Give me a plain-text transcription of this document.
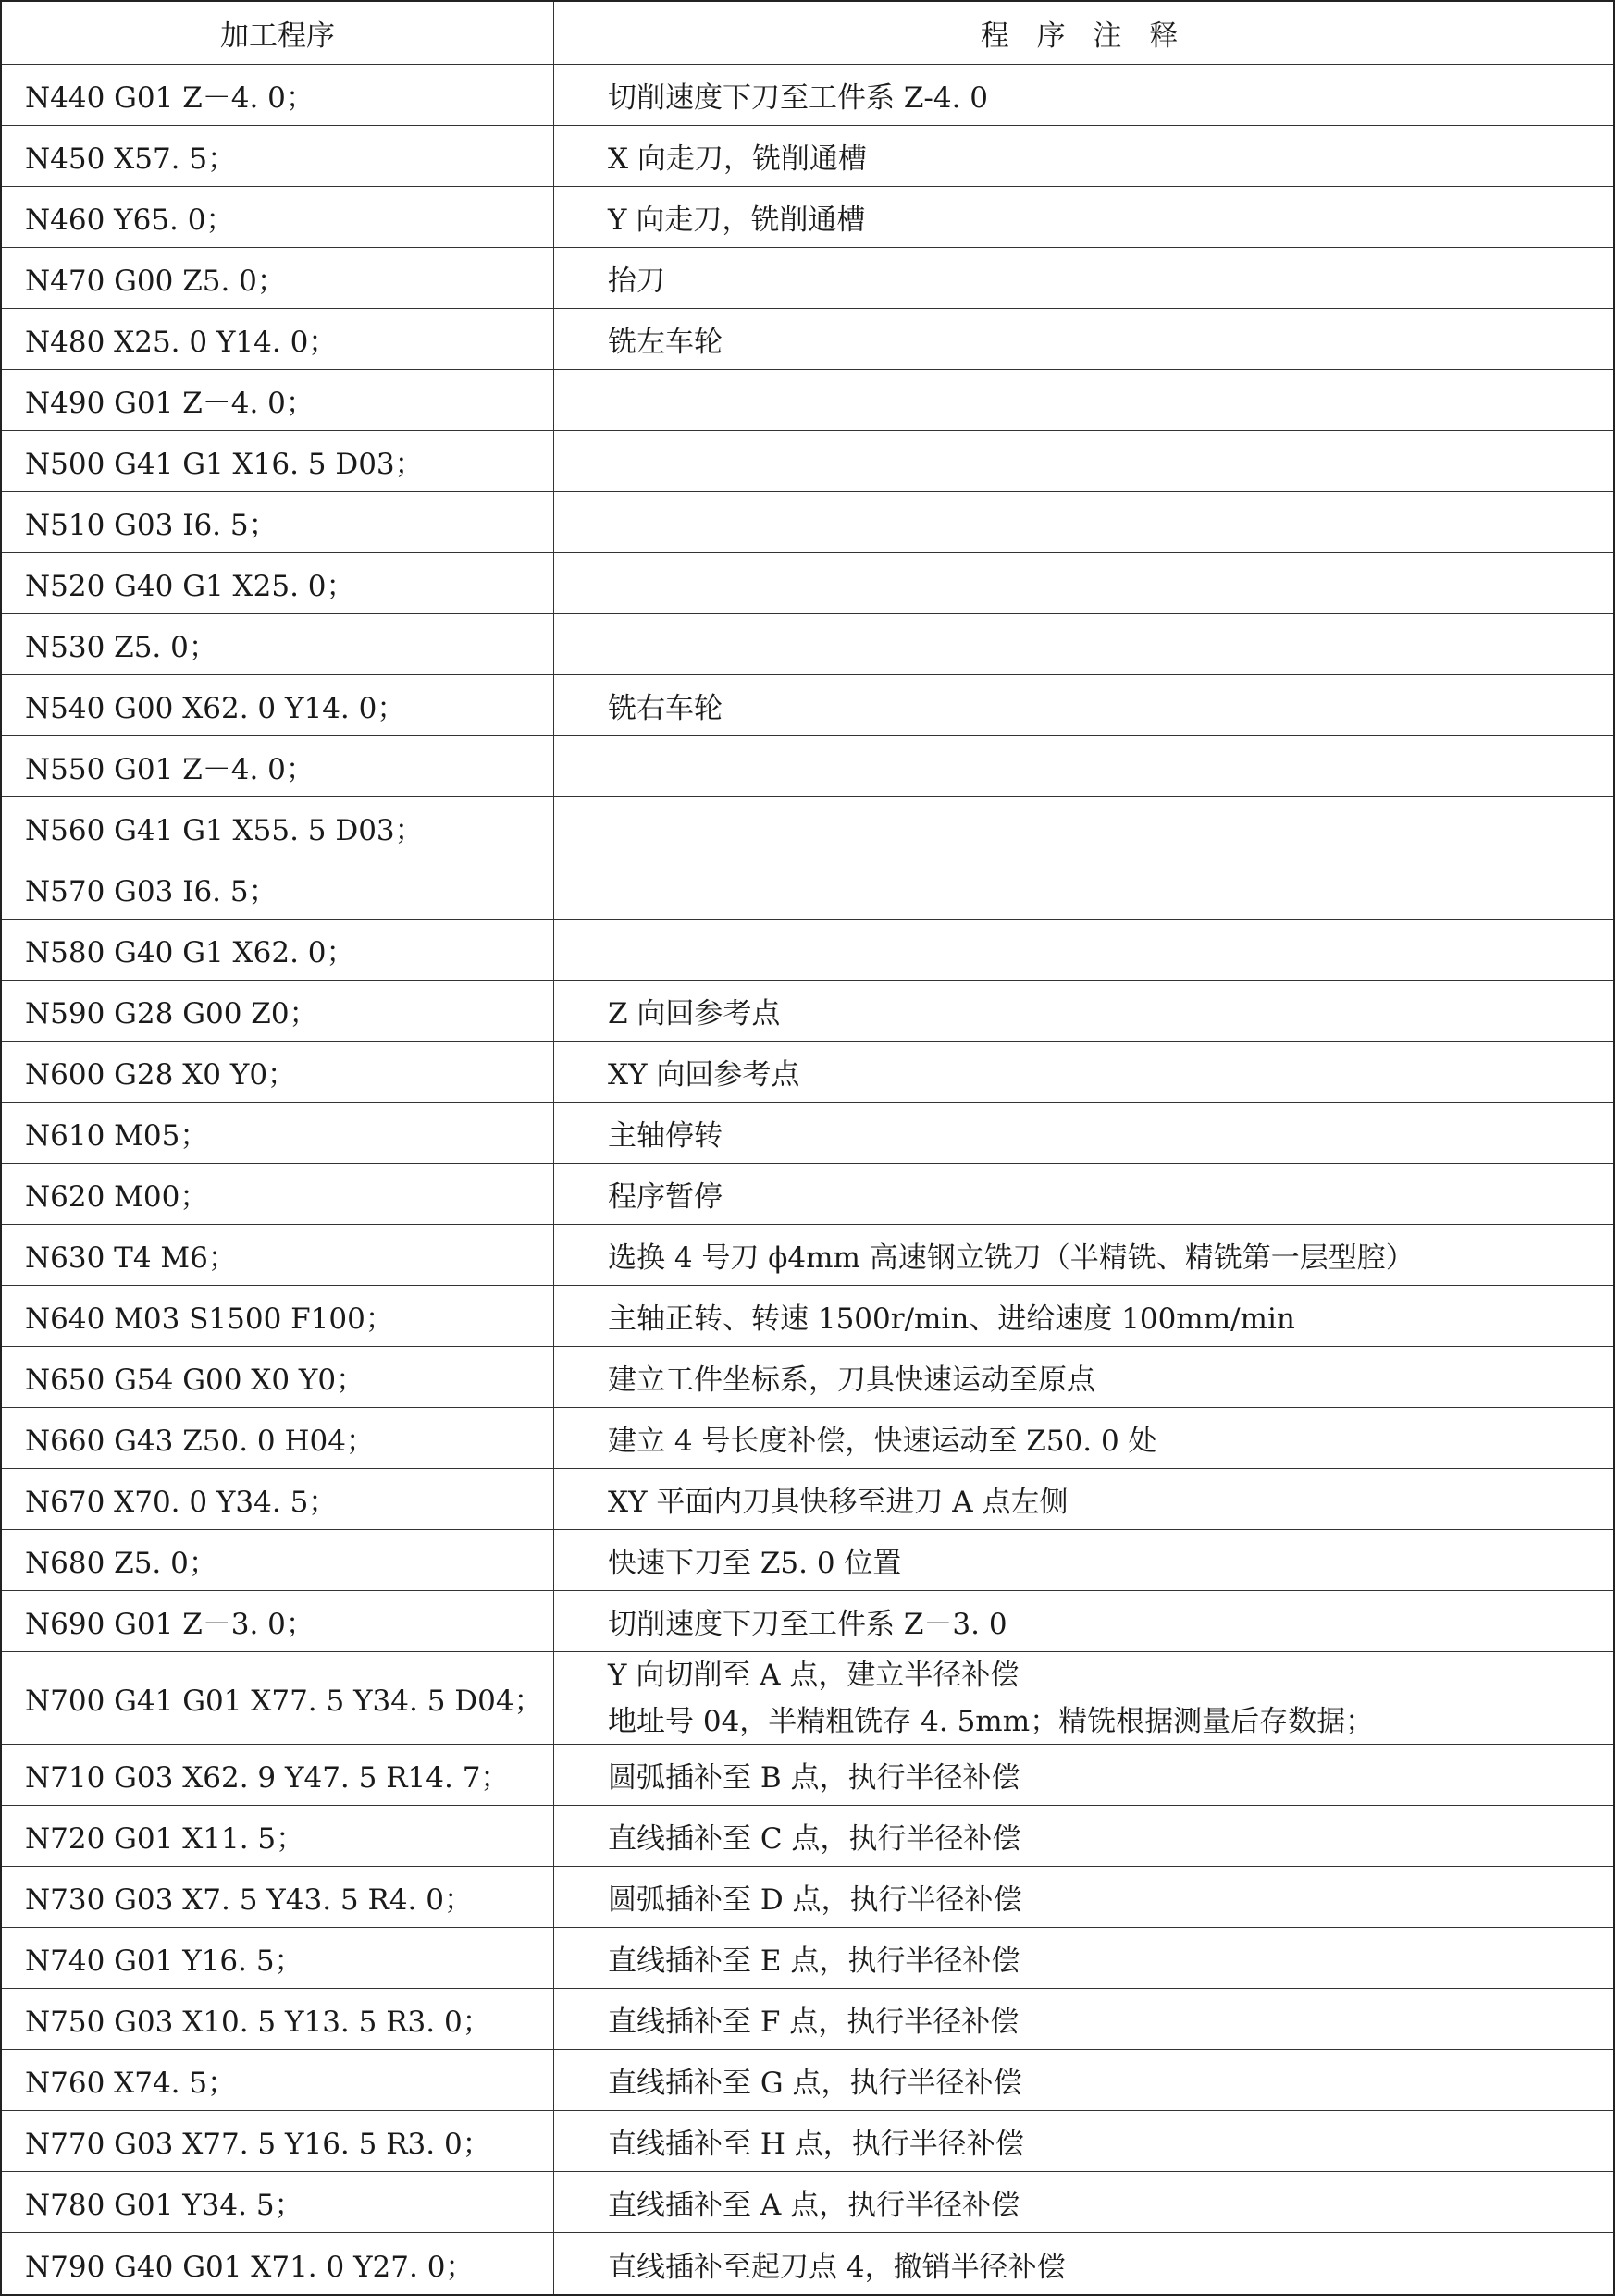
加工程序	程 序 注 释
N440 G01 Z－4. 0；	切削速度下刀至工件系 Z-4. 0
N450 X57. 5；	X 向走刀，铣削通槽
N460 Y65. 0；	Y 向走刀，铣削通槽
N470 G00 Z5. 0；	抬刀
N480 X25. 0 Y14. 0；	铣左车轮
N490 G01 Z－4. 0；
N500 G41 G1 X16. 5 D03；
N510 G03 I6. 5；
N520 G40 G1 X25. 0；
N530 Z5. 0；
N540 G00 X62. 0 Y14. 0；	铣右车轮
N550 G01 Z－4. 0；
N560 G41 G1 X55. 5 D03；
N570 G03 I6. 5；
N580 G40 G1 X62. 0；
N590 G28 G00 Z0；	Z 向回参考点
N600 G28 X0 Y0；	XY 向回参考点
N610 M05；	主轴停转
N620 M00；	程序暂停
N630 T4 M6；	选换 4 号刀 ϕ4mm 高速钢立铣刀（半精铣、精铣第一层型腔）
N640 M03 S1500 F100；	主轴正转、转速 1500r/min、进给速度 100mm/min
N650 G54 G00 X0 Y0；	建立工件坐标系，刀具快速运动至原点
N660 G43 Z50. 0 H04；	建立 4 号长度补偿，快速运动至 Z50. 0 处
N670 X70. 0 Y34. 5；	XY 平面内刀具快移至进刀 A 点左侧
N680 Z5. 0；	快速下刀至 Z5. 0 位置
N690 G01 Z－3. 0；	切削速度下刀至工件系 Z－3. 0
N700 G41 G01 X77. 5 Y34. 5 D04；
Y 向切削至 A 点，建立半径补偿
地址号 04，半精粗铣存 4. 5mm；精铣根据测量后存数据；
N710 G03 X62. 9 Y47. 5 R14. 7；	圆弧插补至 B 点，执行半径补偿
N720 G01 X11. 5；	直线插补至 C 点，执行半径补偿
N730 G03 X7. 5 Y43. 5 R4. 0；	圆弧插补至 D 点，执行半径补偿
N740 G01 Y16. 5；	直线插补至 E 点，执行半径补偿
N750 G03 X10. 5 Y13. 5 R3. 0；	直线插补至 F 点，执行半径补偿
N760 X74. 5；	直线插补至 G 点，执行半径补偿
N770 G03 X77. 5 Y16. 5 R3. 0；	直线插补至 H 点，执行半径补偿
N780 G01 Y34. 5；	直线插补至 A 点，执行半径补偿
N790 G40 G01 X71. 0 Y27. 0；	直线插补至起刀点 4，撤销半径补偿
